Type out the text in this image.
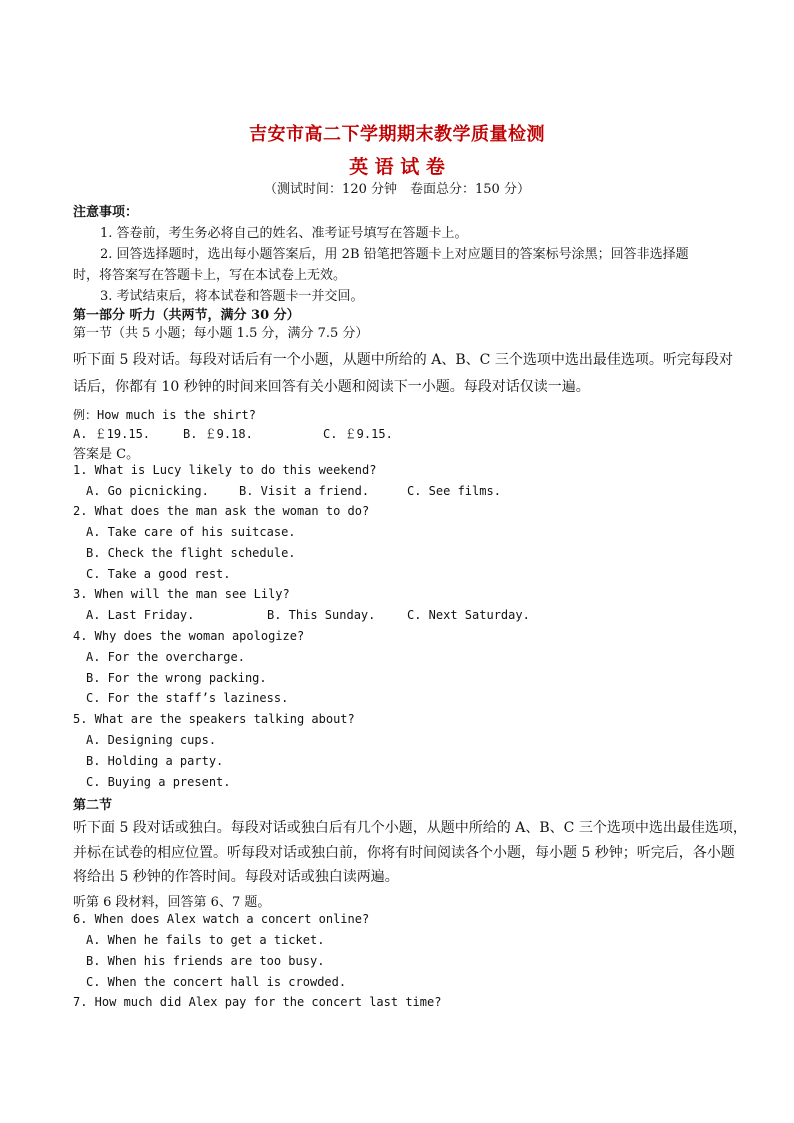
吉安市高二下学期期末教学质量检测
英 语 试 卷
（测试时间：120 分钟　卷面总分：150 分）
注意事项：
1. 答卷前，考生务必将自己的姓名、准考证号填写在答题卡上。
2. 回答选择题时，选出每小题答案后，用 2B 铅笔把答题卡上对应题目的答案标号涂黑；回答非选择题
时，将答案写在答题卡上，写在本试卷上无效。
3. 考试结束后，将本试卷和答题卡一并交回。
第一部分 听力（共两节，满分 30 分）
第一节（共 5 小题；每小题 1.5 分，满分 7.5 分）
听下面 5 段对话。每段对话后有一个小题，从题中所给的 A、B、C 三个选项中选出最佳选项。听完每段对
话后，你都有 10 秒钟的时间来回答有关小题和阅读下一小题。每段对话仅读一遍。
例：How much is the shirt?
A. ￡19.15.	B. ￡9.18.	C. ￡9.15.
答案是 C。
1. What is Lucy likely to do this weekend?
A. Go picnicking.	B. Visit a friend.	C. See films.
2. What does the man ask the woman to do?
A. Take care of his suitcase.
B. Check the flight schedule.
C. Take a good rest.
3. When will the man see Lily?
A. Last Friday.	B. This Sunday.	C. Next Saturday.
4. Why does the woman apologize?
A. For the overcharge.
B. For the wrong packing.
C. For the staff’s laziness.
5. What are the speakers talking about?
A. Designing cups.
B. Holding a party.
C. Buying a present.
第二节
听下面 5 段对话或独白。每段对话或独白后有几个小题，从题中所给的 A、B、C 三个选项中选出最佳选项，
并标在试卷的相应位置。听每段对话或独白前，你将有时间阅读各个小题，每小题 5 秒钟；听完后，各小题
将给出 5 秒钟的作答时间。每段对话或独白读两遍。
听第 6 段材料，回答第 6、7 题。
6. When does Alex watch a concert online?
A. When he fails to get a ticket.
B. When his friends are too busy.
C. When the concert hall is crowded.
7. How much did Alex pay for the concert last time?
